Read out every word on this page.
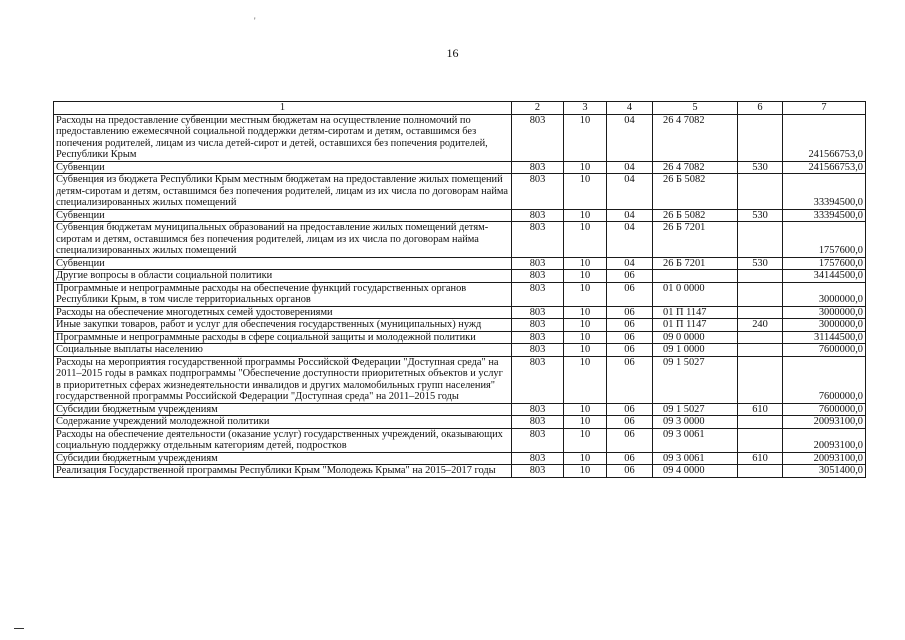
'
16
1	2	3	4	5	6	7
Расходы на предоставление субвенции местным бюджетам на осуществление полномочий по предоставлению ежемесячной социальной поддержки детям-сиротам и детям, оставшимся без попечения родителей, лицам из числа детей-сирот и детей, оставшихся без попечения родителей, Республики Крым	803	10	04	26 4 7082		241566753,0
Субвенции	803	10	04	26 4 7082	530	241566753,0
Субвенция из бюджета Республики Крым местным бюджетам на предоставление жилых помещений детям-сиротам и детям, оставшимся без попечения родителей, лицам из их числа по договорам найма специализированных жилых помещений	803	10	04	26 Б 5082		33394500,0
Субвенции	803	10	04	26 Б 5082	530	33394500,0
Субвенция бюджетам муниципальных образований на предоставление жилых помещений детям-сиротам и детям, оставшимся без попечения родителей, лицам из их числа по договорам найма специализированных жилых помещений	803	10	04	26 Б 7201		1757600,0
Субвенции	803	10	04	26 Б 7201	530	1757600,0
Другие вопросы в области социальной политики	803	10	06			34144500,0
Программные и непрограммные расходы на обеспечение функций государственных органов Республики Крым, в том числе территориальных органов	803	10	06	01 0 0000		3000000,0
Расходы на обеспечение многодетных семей удостоверениями	803	10	06	01 П 1147		3000000,0
Иные закупки товаров, работ и услуг для обеспечения государственных (муниципальных) нужд	803	10	06	01 П 1147	240	3000000,0
Программные и непрограммные расходы в сфере социальной защиты и молодежной политики	803	10	06	09 0 0000		31144500,0
Социальные выплаты населению	803	10	06	09 1 0000		7600000,0
Расходы на мероприятия государственной программы Российской Федерации "Доступная среда" на 2011–2015 годы в рамках подпрограммы "Обеспечение доступности приоритетных объектов и услуг в приоритетных сферах жизнедеятельности инвалидов и других маломобильных групп населения" государственной программы Российской Федерации "Доступная среда" на 2011–2015 годы	803	10	06	09 1 5027		7600000,0
Субсидии бюджетным учреждениям	803	10	06	09 1 5027	610	7600000,0
Содержание учреждений молодежной политики	803	10	06	09 3 0000		20093100,0
Расходы на обеспечение деятельности (оказание услуг) государственных учреждений, оказывающих социальную поддержку отдельным категориям детей, подростков	803	10	06	09 3 0061		20093100,0
Субсидии бюджетным учреждениям	803	10	06	09 3 0061	610	20093100,0
Реализация Государственной программы Республики Крым "Молодежь Крыма" на 2015–2017 годы	803	10	06	09 4 0000		3051400,0
